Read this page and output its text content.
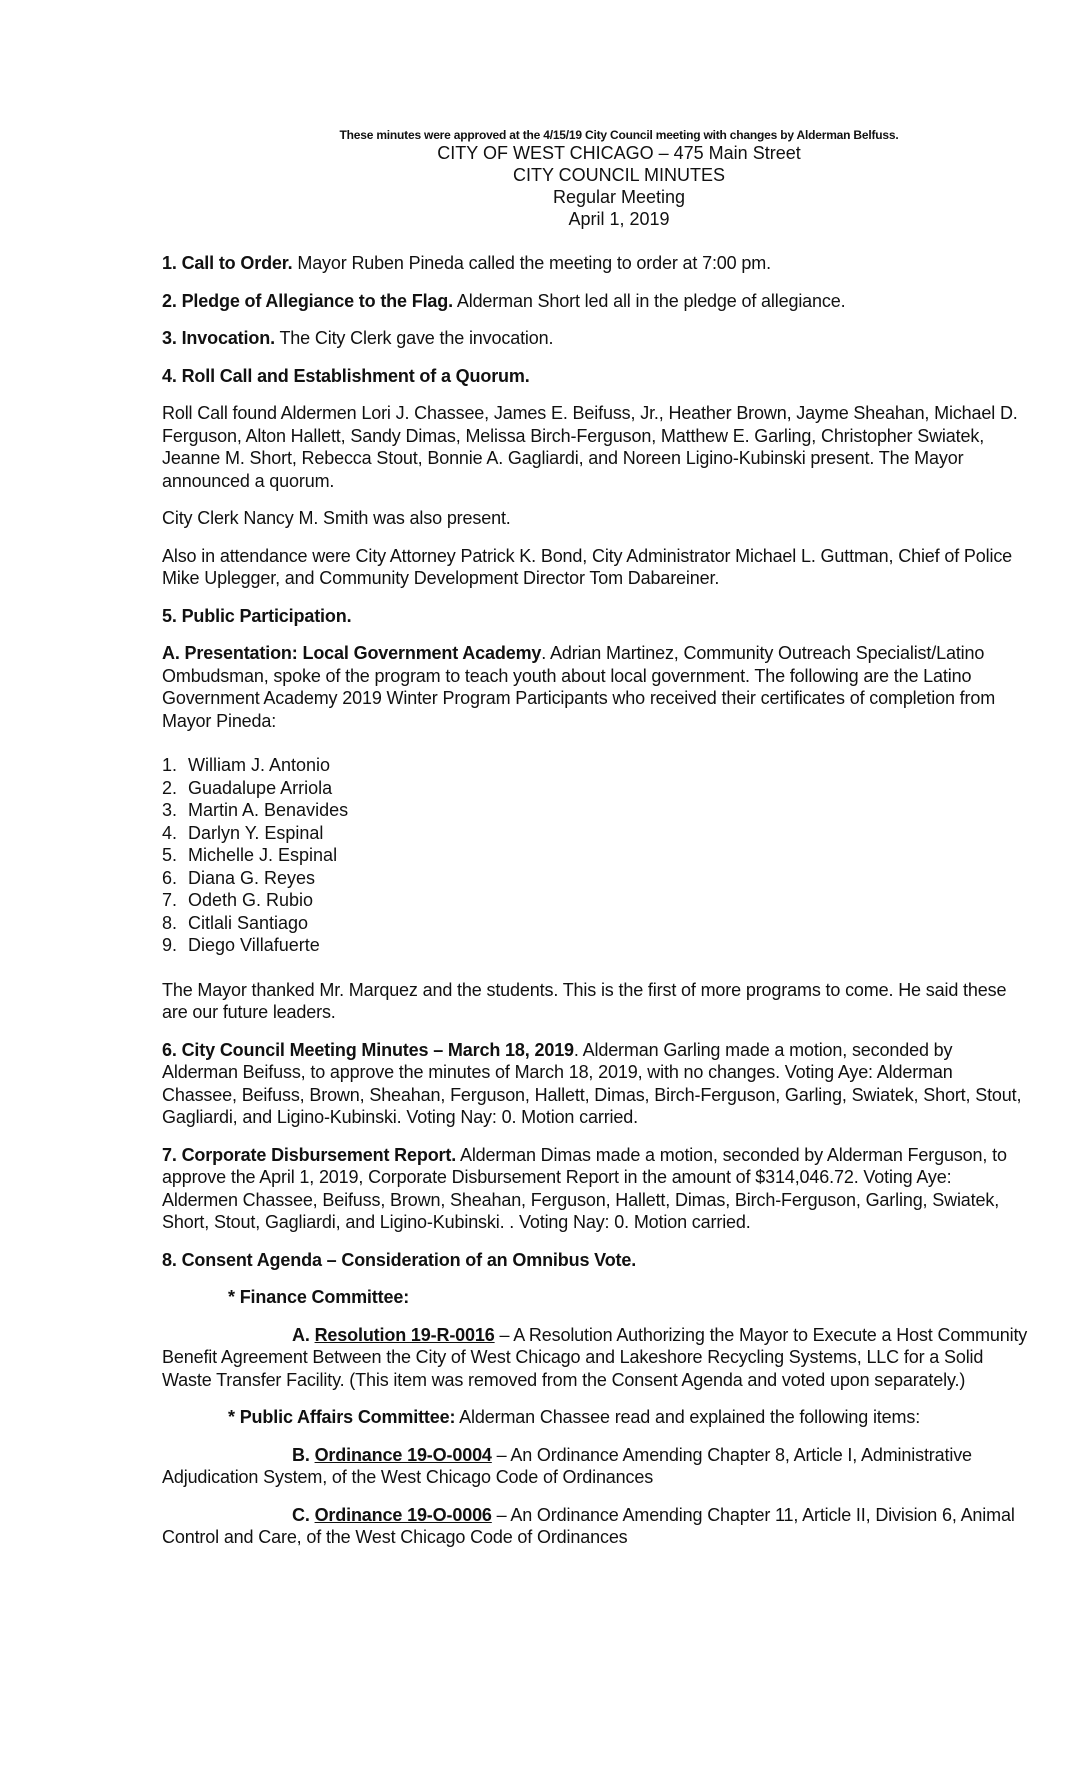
These minutes were approved at the 4/15/19 City Council meeting with changes by Alderman Belfuss.
CITY OF WEST CHICAGO – 475 Main Street
CITY COUNCIL MINUTES
Regular Meeting
April 1, 2019

1. Call to Order. Mayor Ruben Pineda called the meeting to order at 7:00 pm.

2. Pledge of Allegiance to the Flag. Alderman Short led all in the pledge of allegiance.

3. Invocation. The City Clerk gave the invocation.

4. Roll Call and Establishment of a Quorum.

Roll Call found Aldermen Lori J. Chassee, James E. Beifuss, Jr., Heather Brown, Jayme Sheahan, Michael D. Ferguson, Alton Hallett, Sandy Dimas, Melissa Birch-Ferguson, Matthew E. Garling, Christopher Swiatek, Jeanne M. Short, Rebecca Stout, Bonnie A. Gagliardi, and Noreen Ligino-Kubinski present. The Mayor announced a quorum.

City Clerk Nancy M. Smith was also present.

Also in attendance were City Attorney Patrick K. Bond, City Administrator Michael L. Guttman, Chief of Police Mike Uplegger, and Community Development Director Tom Dabareiner.

5. Public Participation.

A. Presentation: Local Government Academy. Adrian Martinez, Community Outreach Specialist/Latino Ombudsman, spoke of the program to teach youth about local government. The following are the Latino Government Academy 2019 Winter Program Participants who received their certificates of completion from Mayor Pineda:

1. William J. Antonio
2. Guadalupe Arriola
3. Martin A. Benavides
4. Darlyn Y. Espinal
5. Michelle J. Espinal
6. Diana G. Reyes
7. Odeth G. Rubio
8. Citlali Santiago
9. Diego Villafuerte

The Mayor thanked Mr. Marquez and the students. This is the first of more programs to come. He said these are our future leaders.

6. City Council Meeting Minutes – March 18, 2019. Alderman Garling made a motion, seconded by Alderman Beifuss, to approve the minutes of March 18, 2019, with no changes. Voting Aye: Alderman Chassee, Beifuss, Brown, Sheahan, Ferguson, Hallett, Dimas, Birch-Ferguson, Garling, Swiatek, Short, Stout, Gagliardi, and Ligino-Kubinski. Voting Nay: 0. Motion carried.

7. Corporate Disbursement Report. Alderman Dimas made a motion, seconded by Alderman Ferguson, to approve the April 1, 2019, Corporate Disbursement Report in the amount of $314,046.72. Voting Aye: Aldermen Chassee, Beifuss, Brown, Sheahan, Ferguson, Hallett, Dimas, Birch-Ferguson, Garling, Swiatek, Short, Stout, Gagliardi, and Ligino-Kubinski. . Voting Nay: 0. Motion carried.

8. Consent Agenda – Consideration of an Omnibus Vote.

* Finance Committee:

A. Resolution 19-R-0016 – A Resolution Authorizing the Mayor to Execute a Host Community Benefit Agreement Between the City of West Chicago and Lakeshore Recycling Systems, LLC for a Solid Waste Transfer Facility. (This item was removed from the Consent Agenda and voted upon separately.)

* Public Affairs Committee: Alderman Chassee read and explained the following items:

B. Ordinance 19-O-0004 – An Ordinance Amending Chapter 8, Article I, Administrative Adjudication System, of the West Chicago Code of Ordinances

C. Ordinance 19-O-0006 – An Ordinance Amending Chapter 11, Article II, Division 6, Animal Control and Care, of the West Chicago Code of Ordinances
